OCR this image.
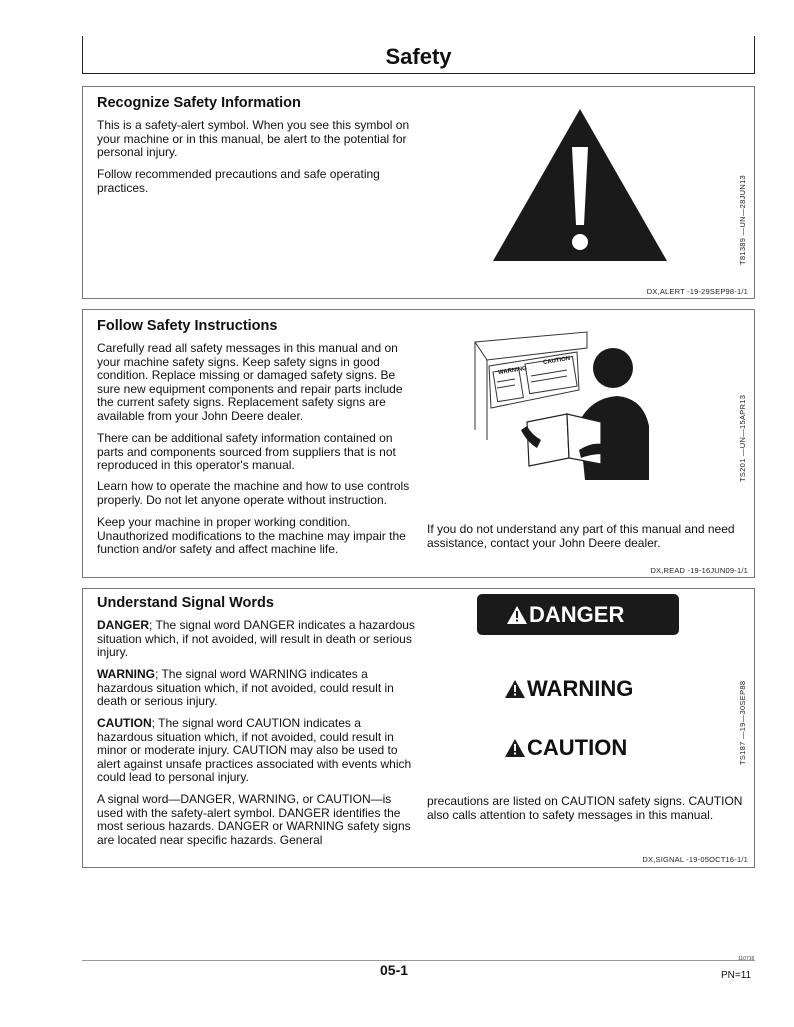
Safety
Recognize Safety Information
This is a safety-alert symbol. When you see this symbol on your machine or in this manual, be alert to the potential for personal injury.
Follow recommended precautions and safe operating practices.	T81389 —UN—28JUN13
DX,ALERT -19-29SEP98-1/1
Follow Safety Instructions
Carefully read all safety messages in this manual and on your machine safety signs. Keep safety signs in good condition. Replace missing or damaged safety signs. Be sure new equipment components and repair parts include the current safety signs. Replacement safety signs are available from your John Deere dealer.
There can be additional safety information contained on parts and components sourced from suppliers that is not reproduced in this operator's manual.
Learn how to operate the machine and how to use controls properly. Do not let anyone operate without instruction.
Keep your machine in proper working condition. Unauthorized modifications to the machine may impair the function and/or safety and affect machine life.
If you do not understand any part of this manual and need assistance, contact your John Deere dealer.
WARNING
CAUTION
TS201 —UN—15APR13
DX,READ -19-16JUN09-1/1
Understand Signal Words
DANGER; The signal word DANGER indicates a hazardous situation which, if not avoided, will result in death or serious injury.
WARNING; The signal word WARNING indicates a hazardous situation which, if not avoided, could result in death or serious injury.
CAUTION; The signal word CAUTION indicates a hazardous situation which, if not avoided, could result in minor or moderate injury. CAUTION may also be used to alert against unsafe practices associated with events which could lead to personal injury.
A signal word—DANGER, WARNING, or CAUTION—is used with the safety-alert symbol. DANGER identifies the most serious hazards. DANGER or WARNING safety signs are located near specific hazards. General
precautions are listed on CAUTION safety signs. CAUTION also calls attention to safety messages in this manual.
DANGER
WARNING
CAUTION	TS187 —19—30SEP88
DX,SIGNAL -19-05OCT16-1/1
05-1
110716
PN=11
